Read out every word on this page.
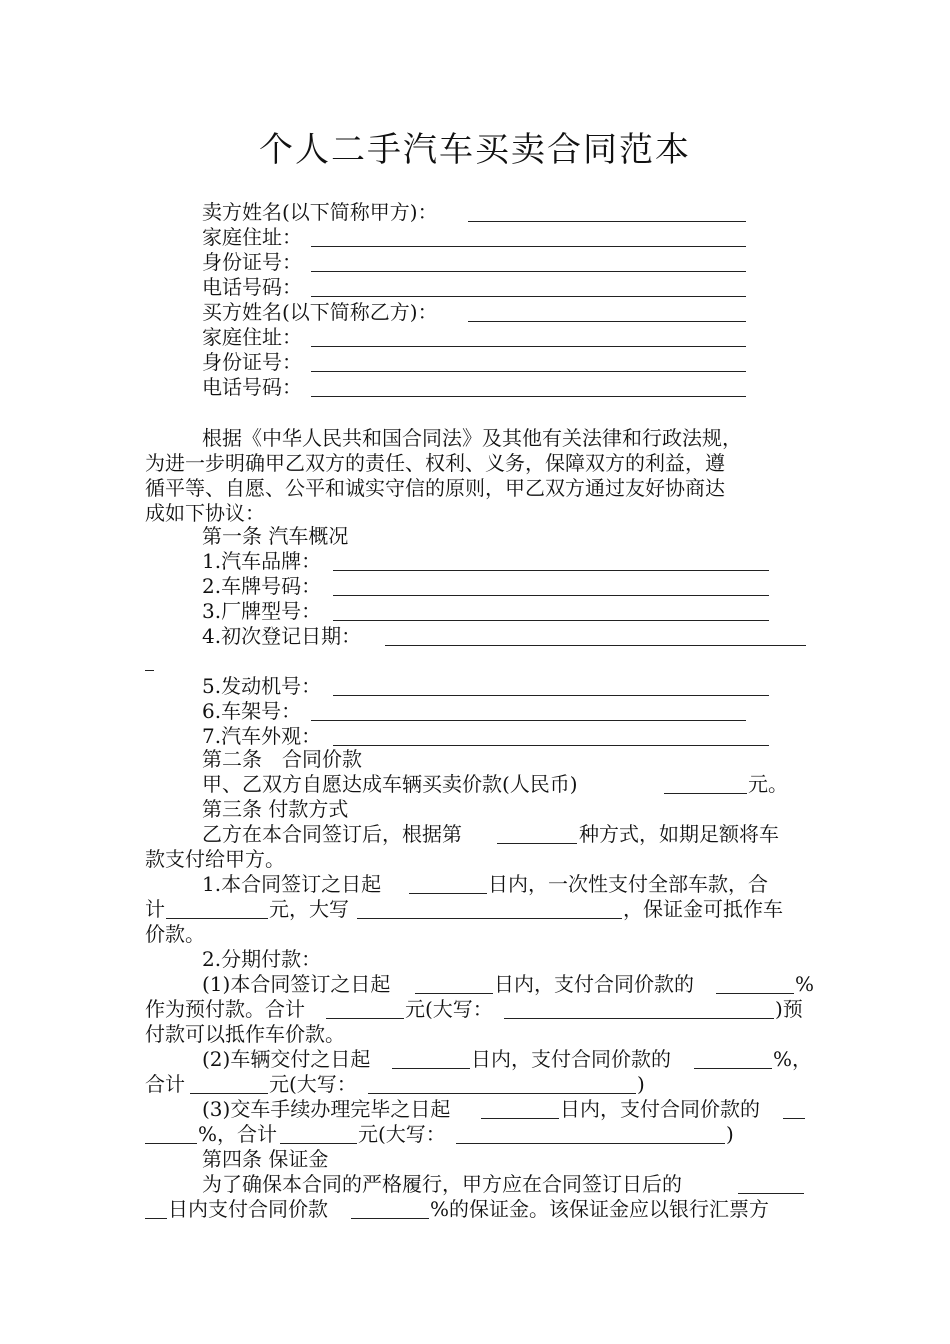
个人二手汽车买卖合同范本
卖方姓名(以下简称甲方)：
家庭住址：
身份证号：
电话号码：
买方姓名(以下简称乙方)：
家庭住址：
身份证号：
电话号码：
根据《中华人民共和国合同法》及其他有关法律和行政法规，
为进一步明确甲乙双方的责任、权利、义务，保障双方的利益，遵
循平等、自愿、公平和诚实守信的原则，甲乙双方通过友好协商达
成如下协议：
第一条 汽车概况
1.汽车品牌：
2.车牌号码：
3.厂牌型号：
4.初次登记日期：
5.发动机号：
6.车架号：
7.汽车外观：
第二条　合同价款
甲、乙双方自愿达成车辆买卖价款(人民币)	元。
第三条 付款方式
乙方在本合同签订后，根据第	种方式，如期足额将车
款支付给甲方。
1.本合同签订之日起	日内，一次性支付全部车款，合
计	元，大写	，保证金可抵作车
价款。
2.分期付款：
(1)本合同签订之日起	日内，支付合同价款的	%
作为预付款。合计	元(大写：	)预
付款可以抵作车价款。
(2)车辆交付之日起	日内，支付合同价款的	%，
合计	元(大写：	)
(3)交车手续办理完毕之日起	日内，支付合同价款的
%，合计	元(大写：	)
第四条 保证金
为了确保本合同的严格履行，甲方应在合同签订日后的
日内支付合同价款	%的保证金。该保证金应以银行汇票方
